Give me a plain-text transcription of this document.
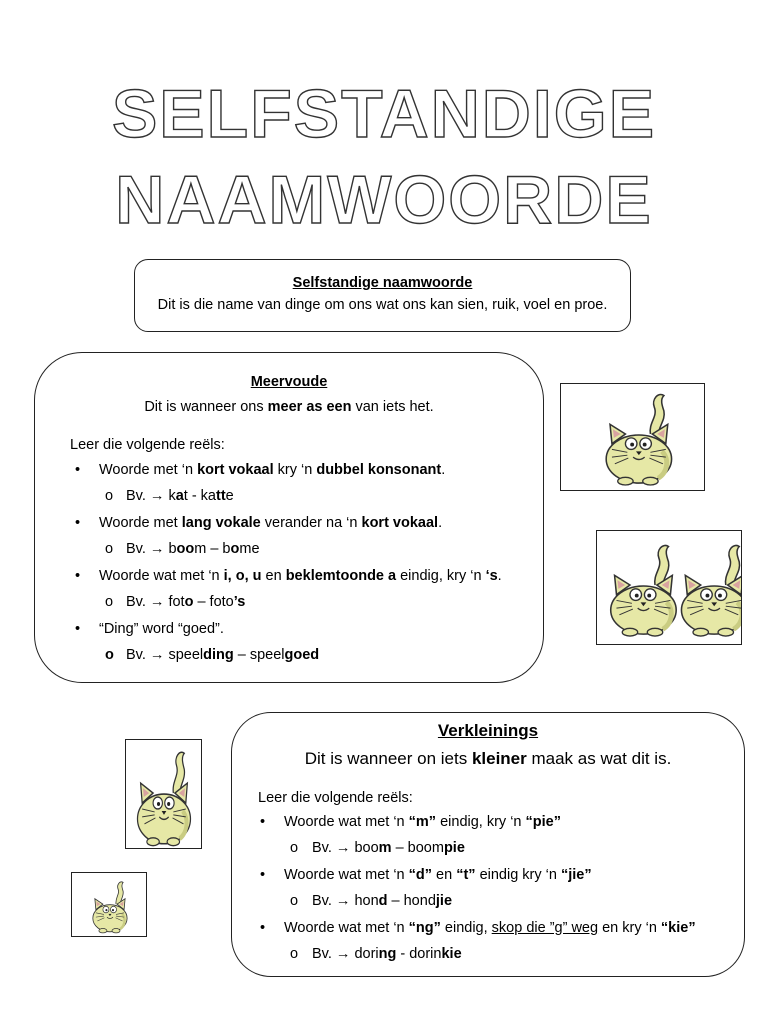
SELFSTANDIGE
NAAMWOORDE
Selfstandige naamwoorde
Dit is die name van dinge om ons wat ons kan sien, ruik, voel en proe.
Meervoude
Dit is wanneer ons meer as een van iets het.
Leer die volgende reëls:
• Woorde met ‘n kort vokaal kry ‘n dubbel konsonant.
o Bv. → kat - katte
• Woorde met lang vokale verander na ‘n kort vokaal.
o Bv. → boom – bome
• Woorde wat met ‘n i, o, u en beklemtoonde a eindig, kry ‘n ‘s.
o Bv. → foto – foto’s
• “Ding” word “goed”.
o Bv. → speelding – speelgoed
Verkleinings
Dit is wanneer on iets kleiner maak as wat dit is.
Leer die volgende reëls:
• Woorde wat met ‘n “m” eindig, kry ‘n “pie”
o Bv. → boom – boompie
• Woorde wat met ‘n “d” en “t” eindig kry ‘n “jie”
o Bv. → hond – hondjie
• Woorde wat met ‘n “ng” eindig, skop die ”g” weg en kry ‘n “kie”
o Bv. → doring - dorinkie
